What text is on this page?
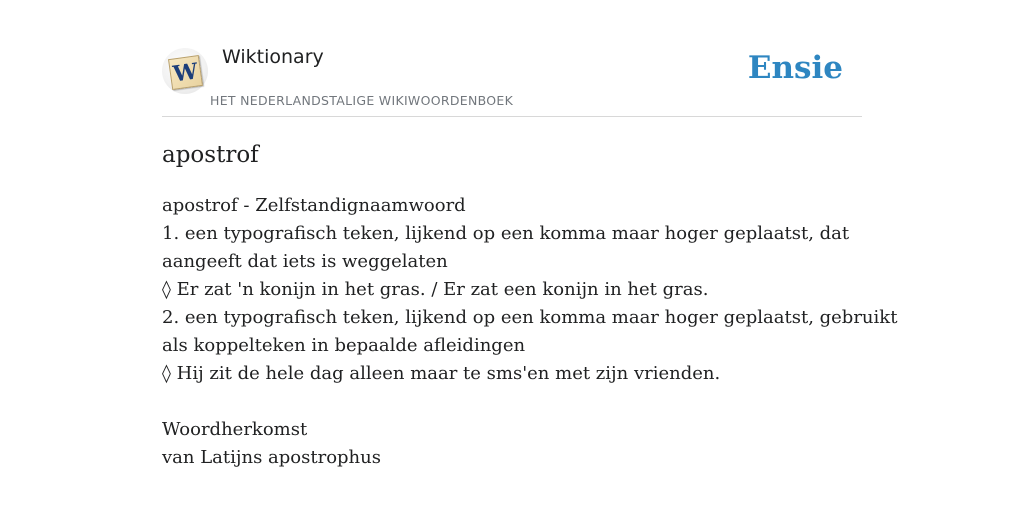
W
Wiktionary
HET NEDERLANDSTALIGE WIKIWOORDENBOEK
Ensie
apostrof

apostrof - Zelfstandignaamwoord

1. een typografisch teken, lijkend op een komma maar hoger geplaatst, dat

aangeeft dat iets is weggelaten

◊ Er zat 'n konijn in het gras. / Er zat een konijn in het gras.

2. een typografisch teken, lijkend op een komma maar hoger geplaatst, gebruikt

als koppelteken in bepaalde afleidingen

◊ Hij zit de hele dag alleen maar te sms'en met zijn vrienden.

Woordherkomst

van Latijns apostrophus
